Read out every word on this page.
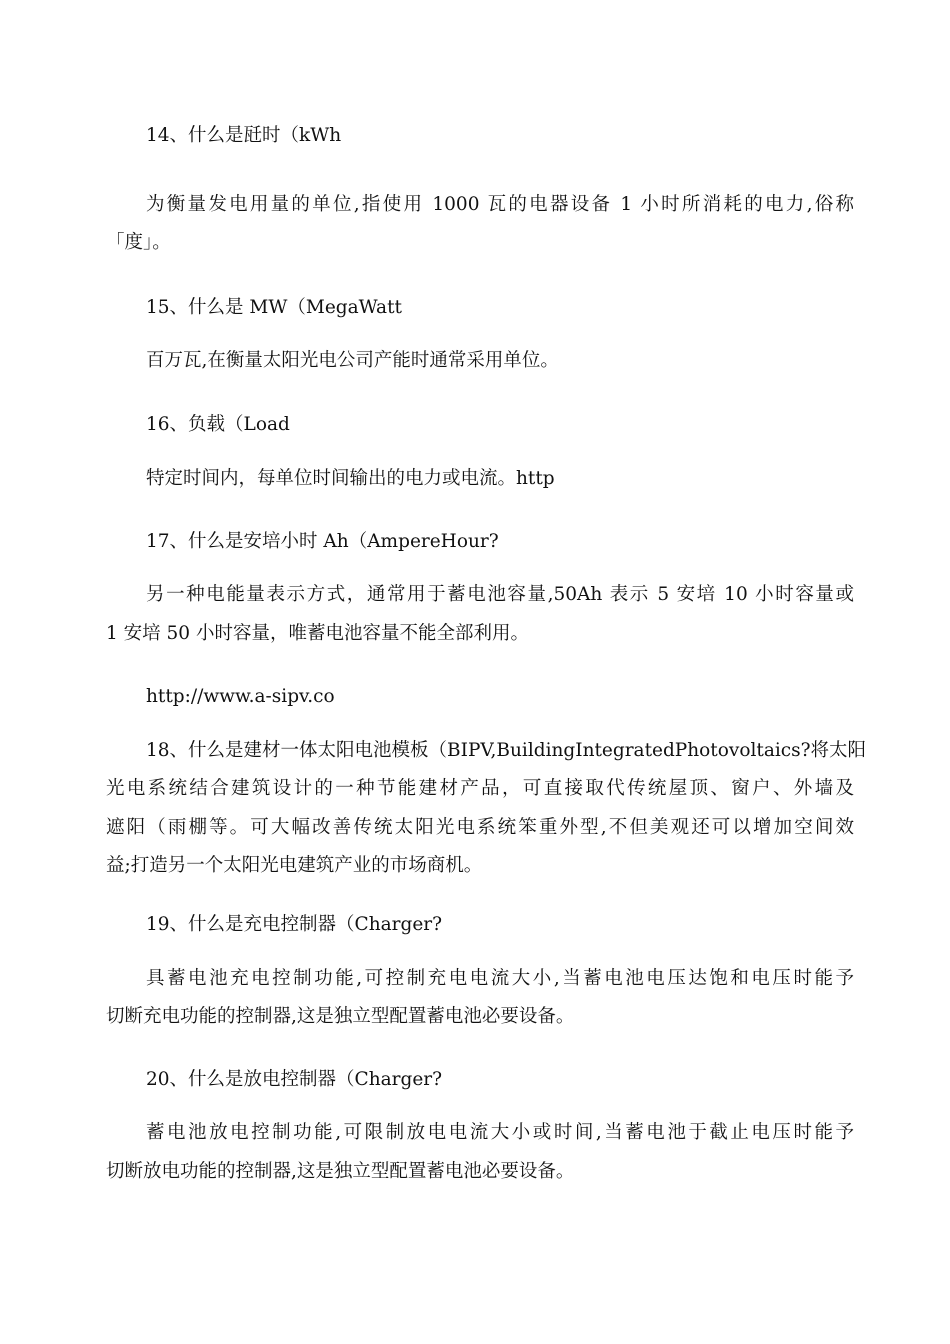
14、什么是瓩时（kWh
为衡量发电用量的单位,指使用 1000 瓦的电器设备 1 小时所消耗的电力,俗称
「度」。
15、什么是 MW（MegaWatt
百万瓦,在衡量太阳光电公司产能时通常采用单位。
16、负载（Load
特定时间内，每单位时间输出的电力或电流。http
17、什么是安培小时 Ah（AmpereHour?
另一种电能量表示方式，通常用于蓄电池容量,50Ah 表示 5 安培 10 小时容量或
1 安培 50 小时容量，唯蓄电池容量不能全部利用。
http://www.a-sipv.co
18、什么是建材一体太阳电池模板（BIPV,BuildingIntegratedPhotovoltaics?将太阳
光电系统结合建筑设计的一种节能建材产品，可直接取代传统屋顶、窗户、外墙及
遮阳（雨棚等。可大幅改善传统太阳光电系统笨重外型,不但美观还可以增加空间效
益;打造另一个太阳光电建筑产业的市场商机。
19、什么是充电控制器（Charger?
具蓄电池充电控制功能,可控制充电电流大小,当蓄电池电压达饱和电压时能予
切断充电功能的控制器,这是独立型配置蓄电池必要设备。
20、什么是放电控制器（Charger?
蓄电池放电控制功能,可限制放电电流大小或时间,当蓄电池于截止电压时能予
切断放电功能的控制器,这是独立型配置蓄电池必要设备。
